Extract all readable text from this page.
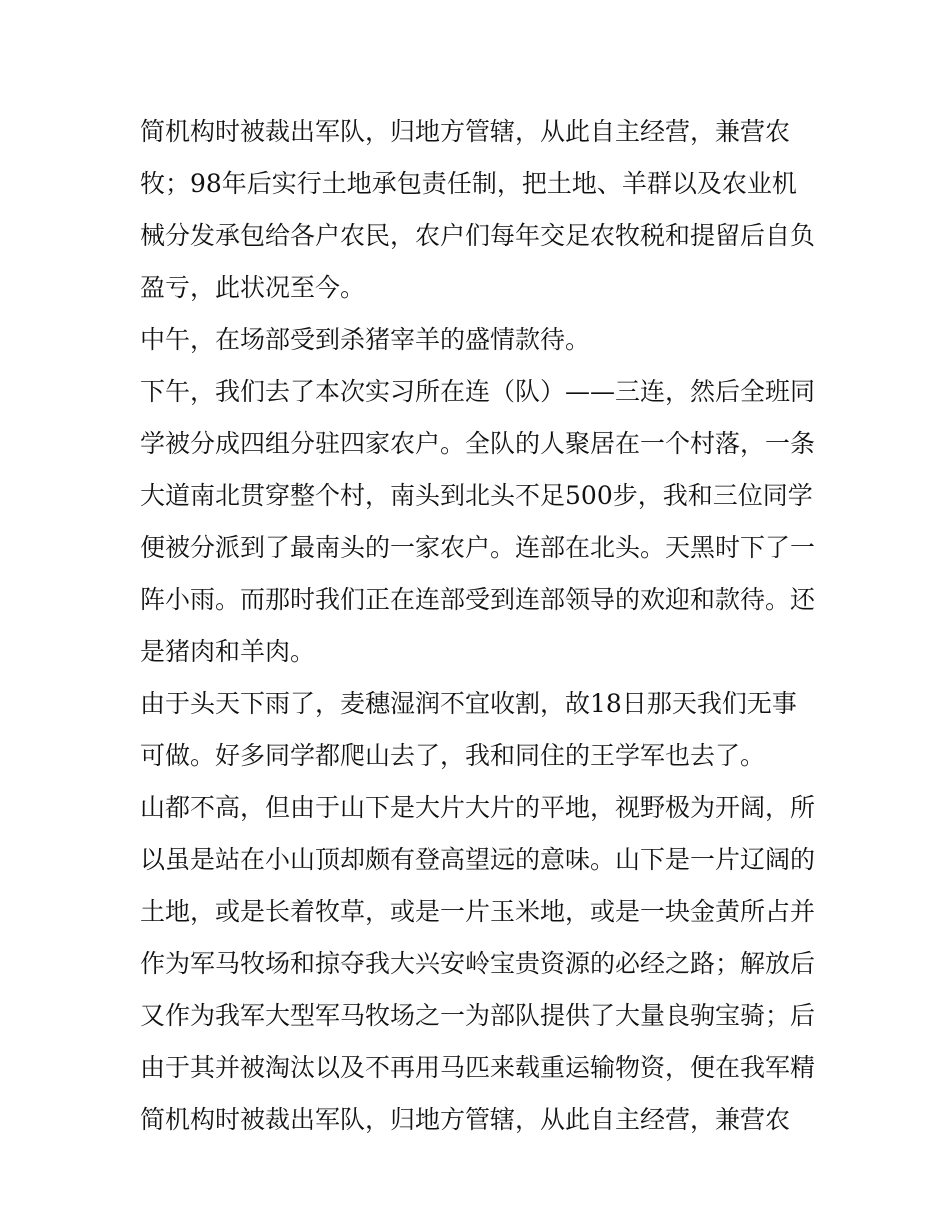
简机构时被裁出军队，归地方管辖，从此自主经营，兼营农
牧；98年后实行土地承包责任制，把土地、羊群以及农业机
械分发承包给各户农民，农户们每年交足农牧税和提留后自负
盈亏，此状况至今。
中午，在场部受到杀猪宰羊的盛情款待。
下午，我们去了本次实习所在连（队）——三连，然后全班同
学被分成四组分驻四家农户。全队的人聚居在一个村落，一条
大道南北贯穿整个村，南头到北头不足500步，我和三位同学
便被分派到了最南头的一家农户。连部在北头。天黑时下了一
阵小雨。而那时我们正在连部受到连部领导的欢迎和款待。还
是猪肉和羊肉。
由于头天下雨了，麦穗湿润不宜收割，故18日那天我们无事
可做。好多同学都爬山去了，我和同住的王学军也去了。
山都不高，但由于山下是大片大片的平地，视野极为开阔，所
以虽是站在小山顶却颇有登高望远的意味。山下是一片辽阔的
土地，或是长着牧草，或是一片玉米地，或是一块金黄所占并
作为军马牧场和掠夺我大兴安岭宝贵资源的必经之路；解放后
又作为我军大型军马牧场之一为部队提供了大量良驹宝骑；后
由于其并被淘汰以及不再用马匹来载重运输物资，便在我军精
简机构时被裁出军队，归地方管辖，从此自主经营，兼营农
